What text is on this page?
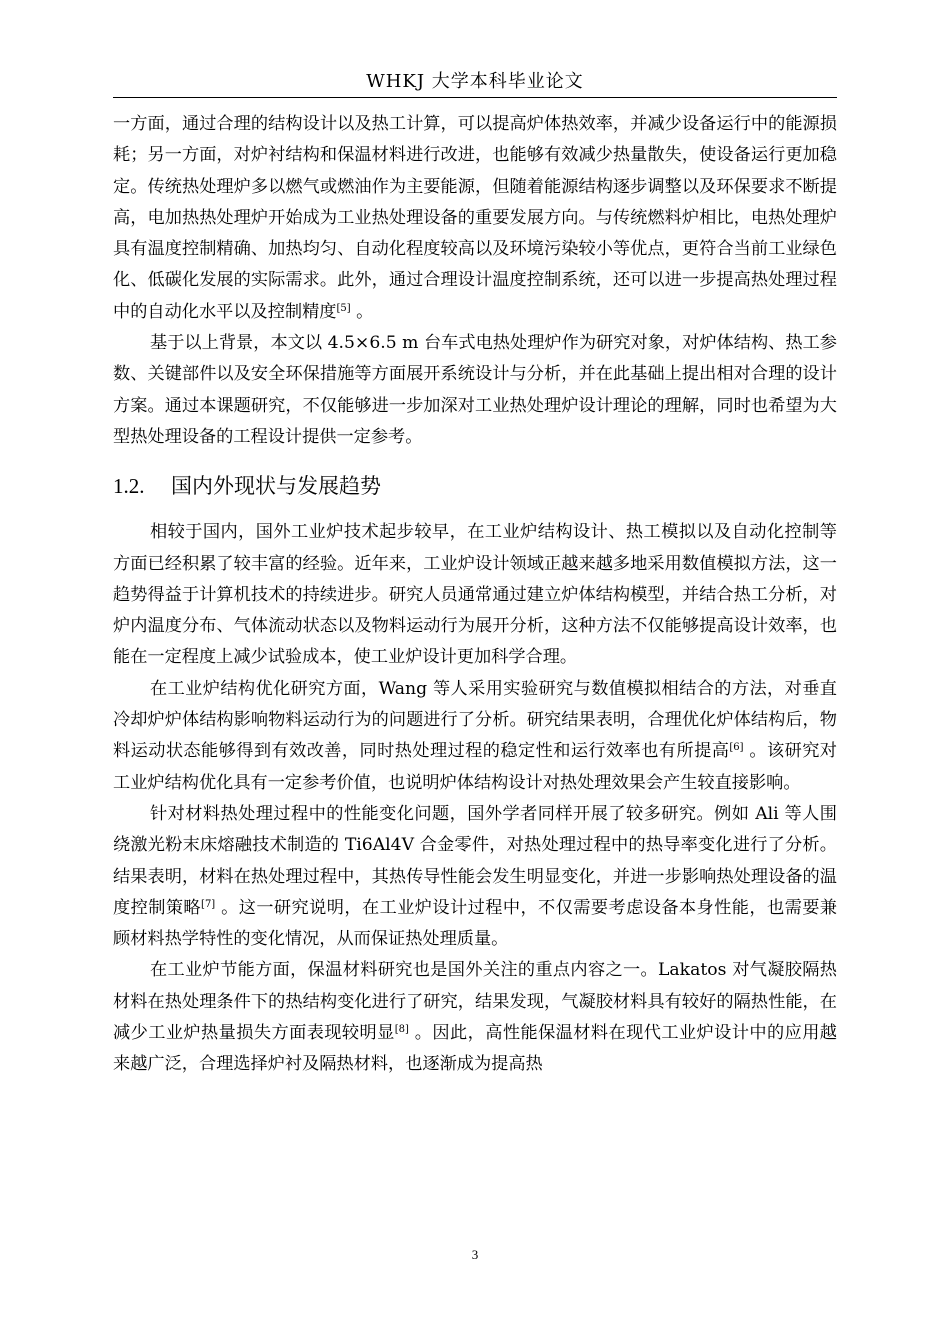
WHKJ 大学本科毕业论文

一方面，通过合理的结构设计以及热工计算，可以提高炉体热效率，并减少设备运行中的能源损耗；另一方面，对炉衬结构和保温材料进行改进，也能够有效减少热量散失，使设备运行更加稳定。传统热处理炉多以燃气或燃油作为主要能源，但随着能源结构逐步调整以及环保要求不断提高，电加热热处理炉开始成为工业热处理设备的重要发展方向。与传统燃料炉相比，电热处理炉具有温度控制精确、加热均匀、自动化程度较高以及环境污染较小等优点，更符合当前工业绿色化、低碳化发展的实际需求。此外，通过合理设计温度控制系统，还可以进一步提高热处理过程中的自动化水平以及控制精度[5] 。

基于以上背景，本文以 4.5×6.5 m 台车式电热处理炉作为研究对象，对炉体结构、热工参数、关键部件以及安全环保措施等方面展开系统设计与分析，并在此基础上提出相对合理的设计方案。通过本课题研究，不仅能够进一步加深对工业热处理炉设计理论的理解，同时也希望为大型热处理设备的工程设计提供一定参考。

1.2. 国内外现状与发展趋势

相较于国内，国外工业炉技术起步较早，在工业炉结构设计、热工模拟以及自动化控制等方面已经积累了较丰富的经验。近年来，工业炉设计领域正越来越多地采用数值模拟方法，这一趋势得益于计算机技术的持续进步。研究人员通常通过建立炉体结构模型，并结合热工分析，对炉内温度分布、气体流动状态以及物料运动行为展开分析，这种方法不仅能够提高设计效率，也能在一定程度上减少试验成本，使工业炉设计更加科学合理。

在工业炉结构优化研究方面，Wang 等人采用实验研究与数值模拟相结合的方法，对垂直冷却炉炉体结构影响物料运动行为的问题进行了分析。研究结果表明，合理优化炉体结构后，物料运动状态能够得到有效改善，同时热处理过程的稳定性和运行效率也有所提高[6] 。该研究对工业炉结构优化具有一定参考价值，也说明炉体结构设计对热处理效果会产生较直接影响。

针对材料热处理过程中的性能变化问题，国外学者同样开展了较多研究。例如 Ali 等人围绕激光粉末床熔融技术制造的 Ti6Al4V 合金零件，对热处理过程中的热导率变化进行了分析。结果表明，材料在热处理过程中，其热传导性能会发生明显变化，并进一步影响热处理设备的温度控制策略[7] 。这一研究说明，在工业炉设计过程中，不仅需要考虑设备本身性能，也需要兼顾材料热学特性的变化情况，从而保证热处理质量。

在工业炉节能方面，保温材料研究也是国外关注的重点内容之一。Lakatos 对气凝胶隔热材料在热处理条件下的热结构变化进行了研究，结果发现，气凝胶材料具有较好的隔热性能，在减少工业炉热量损失方面表现较明显[8] 。因此，高性能保温材料在现代工业炉设计中的应用越来越广泛，合理选择炉衬及隔热材料，也逐渐成为提高热

3
